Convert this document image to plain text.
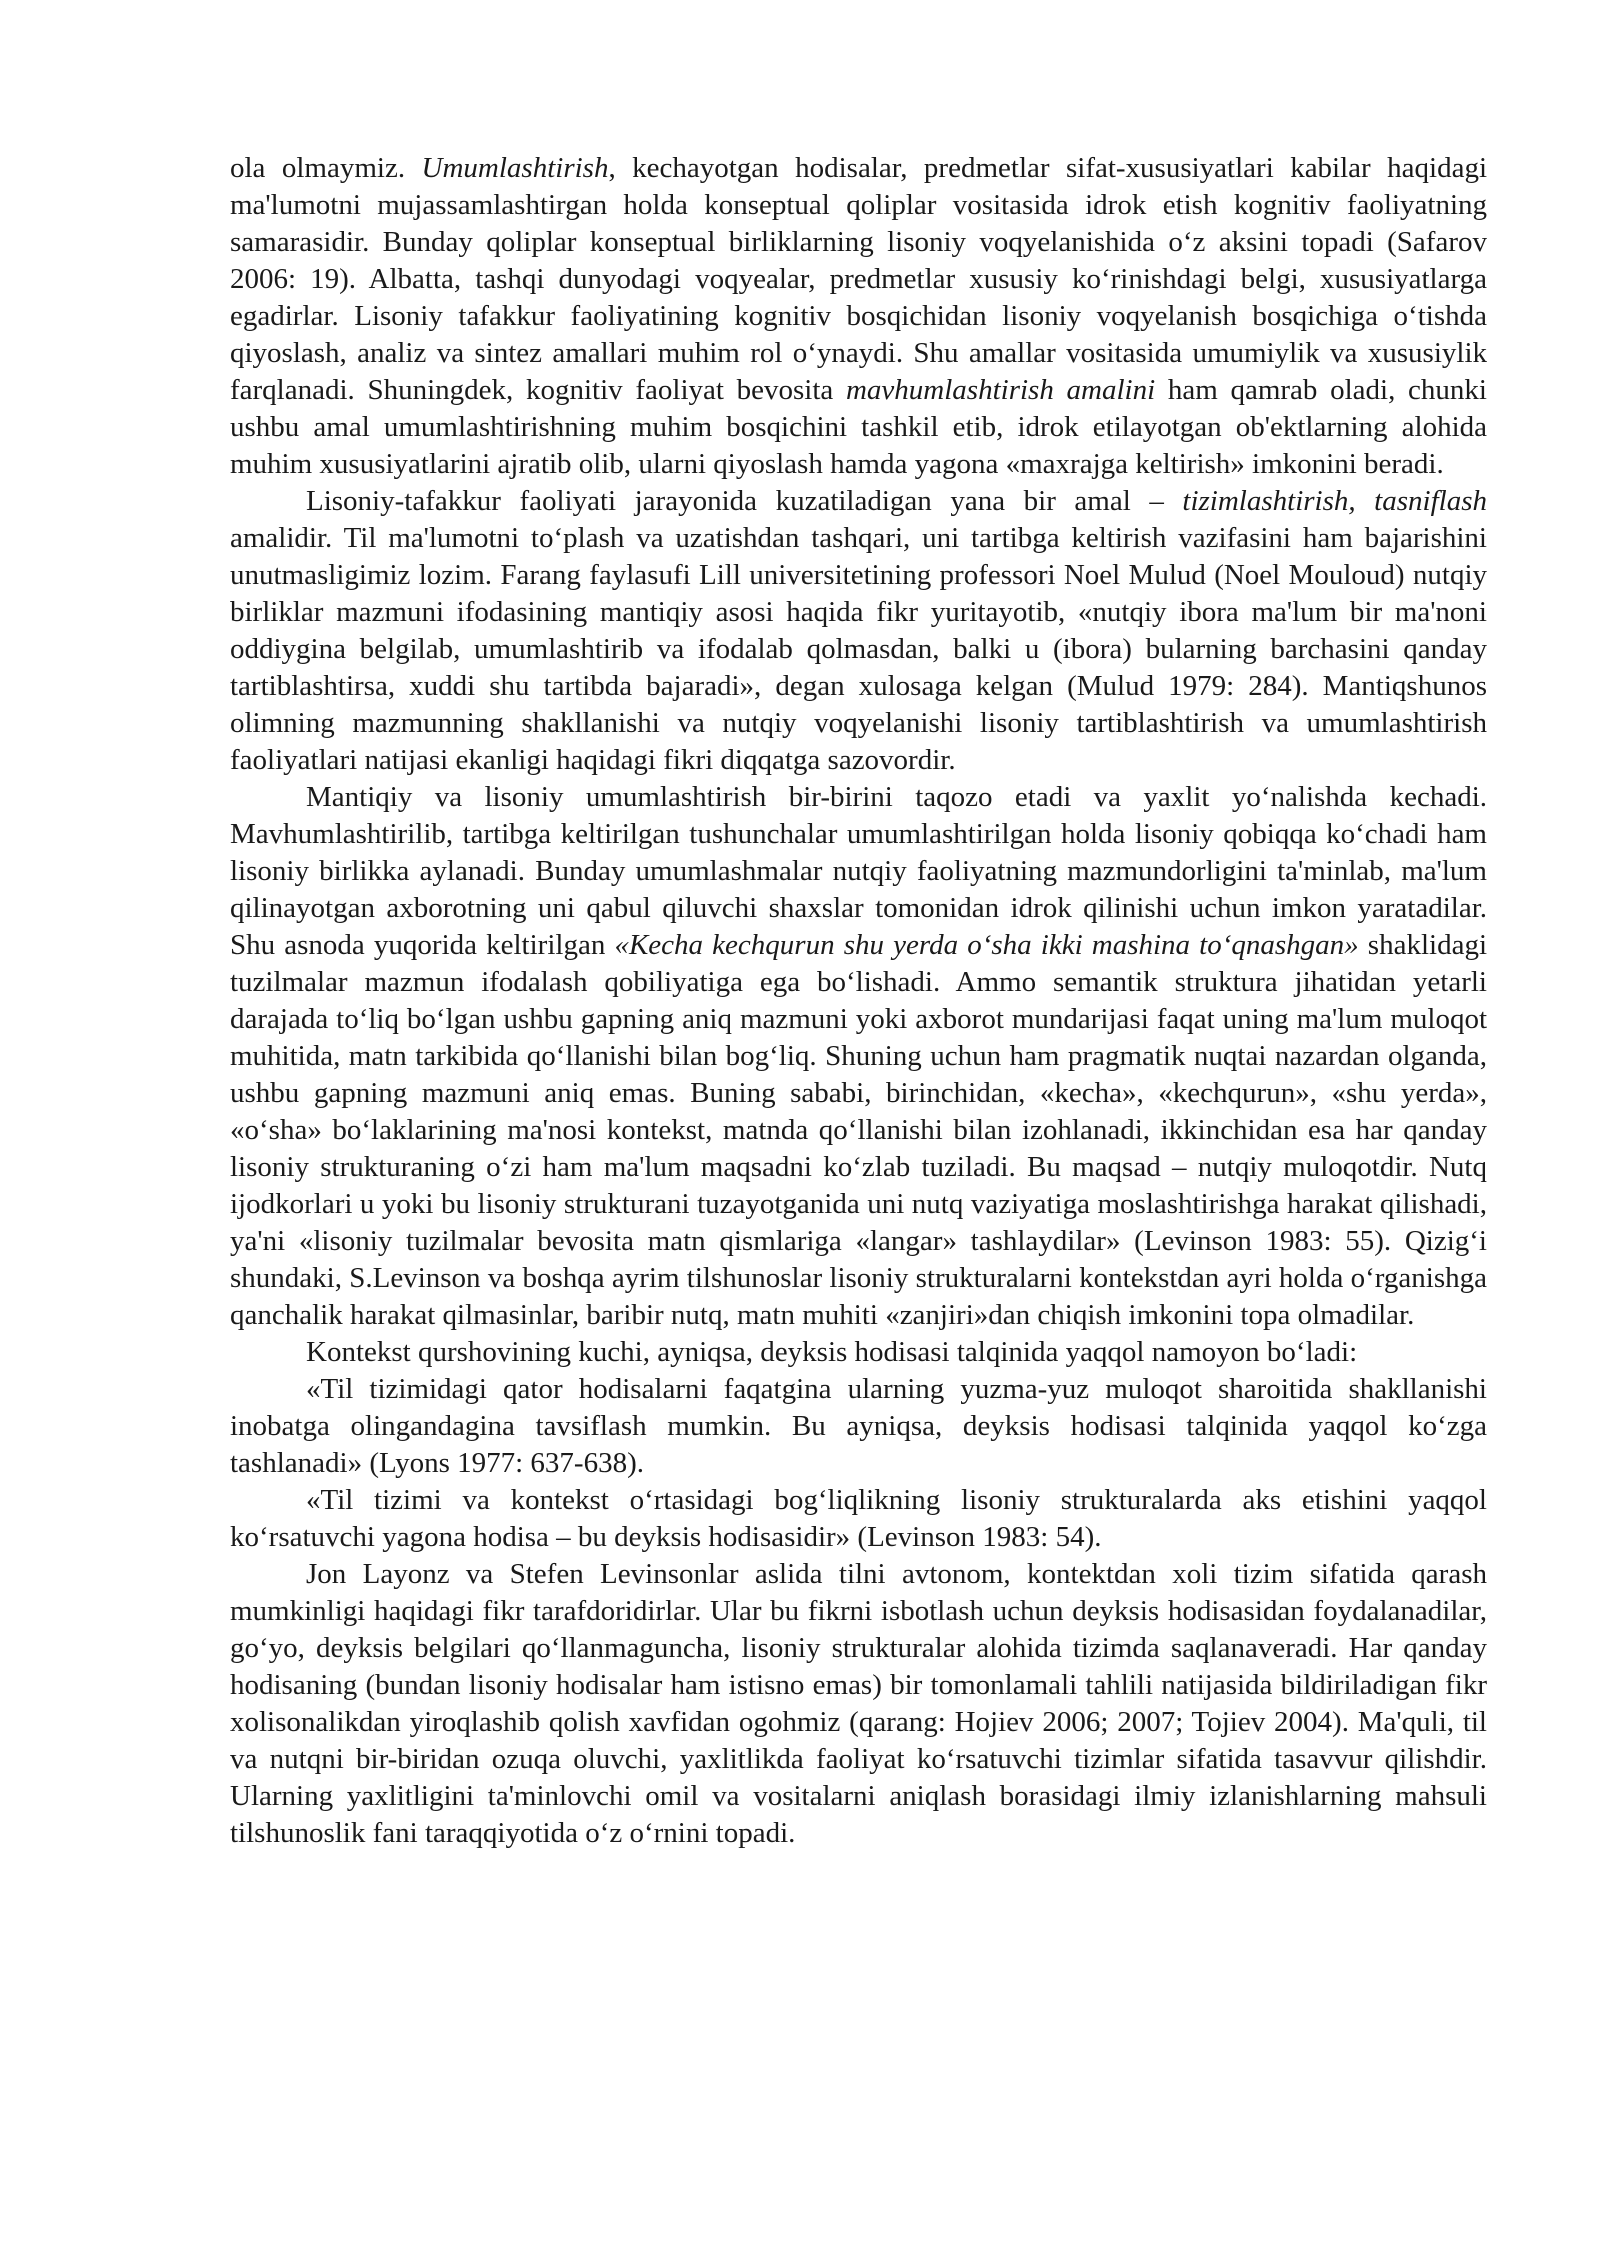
ola olmaymiz. Umumlashtirish, kechayotgan hodisalar, predmetlar sifat-xususiyatlari kabilar haqidagi ma'lumotni mujassamlashtirgan holda konseptual qoliplar vositasida idrok etish kognitiv faoliyatning samarasidir. Bunday qoliplar konseptual birliklarning lisoniy voqyelanishida o‘z aksini topadi (Safarov 2006: 19). Albatta, tashqi dunyodagi voqyealar, predmetlar xususiy ko‘rinishdagi belgi, xususiyatlarga egadirlar. Lisoniy tafakkur faoliyatining kognitiv bosqichidan lisoniy voqyelanish bosqichiga o‘tishda qiyoslash, analiz va sintez amallari muhim rol o‘ynaydi. Shu amallar vositasida umumiylik va xususiylik farqlanadi. Shuningdek, kognitiv faoliyat bevosita mavhumlashtirish amalini ham qamrab oladi, chunki ushbu amal umumlashtirishning muhim bosqichini tashkil etib, idrok etilayotgan ob'ektlarning alohida muhim xususiyatlarini ajratib olib, ularni qiyoslash hamda yagona «maxrajga keltirish» imkonini beradi.

Lisoniy-tafakkur faoliyati jarayonida kuzatiladigan yana bir amal – tizimlashtirish, tasniflash amalidir. Til ma'lumotni to‘plash va uzatishdan tashqari, uni tartibga keltirish vazifasini ham bajarishini unutmasligimiz lozim. Farang faylasufi Lill universitetining professori Noel Mulud (Noel Mouloud) nutqiy birliklar mazmuni ifodasining mantiqiy asosi haqida fikr yuritayotib, «nutqiy ibora ma'lum bir ma'noni oddiygina belgilab, umumlashtirib va ifodalab qolmasdan, balki u (ibora) bularning barchasini qanday tartiblashtirsa, xuddi shu tartibda bajaradi», degan xulosaga kelgan (Mulud 1979: 284). Mantiqshunos olimning mazmunning shakllanishi va nutqiy voqyelanishi lisoniy tartiblashtirish va umumlashtirish faoliyatlari natijasi ekanligi haqidagi fikri diqqatga sazovordir.

Mantiqiy va lisoniy umumlashtirish bir-birini taqozo etadi va yaxlit yo‘nalishda kechadi. Mavhumlashtirilib, tartibga keltirilgan tushunchalar umumlashtirilgan holda lisoniy qobiqqa ko‘chadi ham lisoniy birlikka aylanadi. Bunday umumlashmalar nutqiy faoliyatning mazmundorligini ta'minlab, ma'lum qilinayotgan axborotning uni qabul qiluvchi shaxslar tomonidan idrok qilinishi uchun imkon yaratadilar. Shu asnoda yuqorida keltirilgan «Kecha kechqurun shu yerda o‘sha ikki mashina to‘qnashgan» shaklidagi tuzilmalar mazmun ifodalash qobiliyatiga ega bo‘lishadi. Ammo semantik struktura jihatidan yetarli darajada to‘liq bo‘lgan ushbu gapning aniq mazmuni yoki axborot mundarijasi faqat uning ma'lum muloqot muhitida, matn tarkibida qo‘llanishi bilan bog‘liq. Shuning uchun ham pragmatik nuqtai nazardan olganda, ushbu gapning mazmuni aniq emas. Buning sababi, birinchidan, «kecha», «kechqurun», «shu yerda», «o‘sha» bo‘laklarining ma'nosi kontekst, matnda qo‘llanishi bilan izohlanadi, ikkinchidan esa har qanday lisoniy strukturaning o‘zi ham ma'lum maqsadni ko‘zlab tuziladi. Bu maqsad – nutqiy muloqotdir. Nutq ijodkorlari u yoki bu lisoniy strukturani tuzayotganida uni nutq vaziyatiga moslashtirishga harakat qilishadi, ya'ni «lisoniy tuzilmalar bevosita matn qismlariga «langar» tashlaydilar» (Levinson 1983: 55). Qizig‘i shundaki, S.Levinson va boshqa ayrim tilshunoslar lisoniy strukturalarni kontekstdan ayri holda o‘rganishga qanchalik harakat qilmasinlar, baribir nutq, matn muhiti «zanjiri»dan chiqish imkonini topa olmadilar.

Kontekst qurshovining kuchi, ayniqsa, deyksis hodisasi talqinida yaqqol namoyon bo‘ladi:

«Til tizimidagi qator hodisalarni faqatgina ularning yuzma-yuz muloqot sharoitida shakllanishi inobatga olingandagina tavsiflash mumkin. Bu ayniqsa, deyksis hodisasi talqinida yaqqol ko‘zga tashlanadi» (Lyons 1977: 637-638).

«Til tizimi va kontekst o‘rtasidagi bog‘liqlikning lisoniy strukturalarda aks etishini yaqqol ko‘rsatuvchi yagona hodisa – bu deyksis hodisasidir» (Levinson 1983: 54).

Jon Layonz va Stefen Levinsonlar aslida tilni avtonom, kontektdan xoli tizim sifatida qarash mumkinligi haqidagi fikr tarafdoridirlar. Ular bu fikrni isbotlash uchun deyksis hodisasidan foydalanadilar, go‘yo, deyksis belgilari qo‘llanmaguncha, lisoniy strukturalar alohida tizimda saqlanaveradi. Har qanday hodisaning (bundan lisoniy hodisalar ham istisno emas) bir tomonlamali tahlili natijasida bildiriladigan fikr xolisonalikdan yiroqlashib qolish xavfidan ogohmiz (qarang: Hojiev 2006; 2007; Tojiev 2004). Ma'quli, til va nutqni bir-biridan ozuqa oluvchi, yaxlitlikda faoliyat ko‘rsatuvchi tizimlar sifatida tasavvur qilishdir. Ularning yaxlitligini ta'minlovchi omil va vositalarni aniqlash borasidagi ilmiy izlanishlarning mahsuli tilshunoslik fani taraqqiyotida o‘z o‘rnini topadi.
